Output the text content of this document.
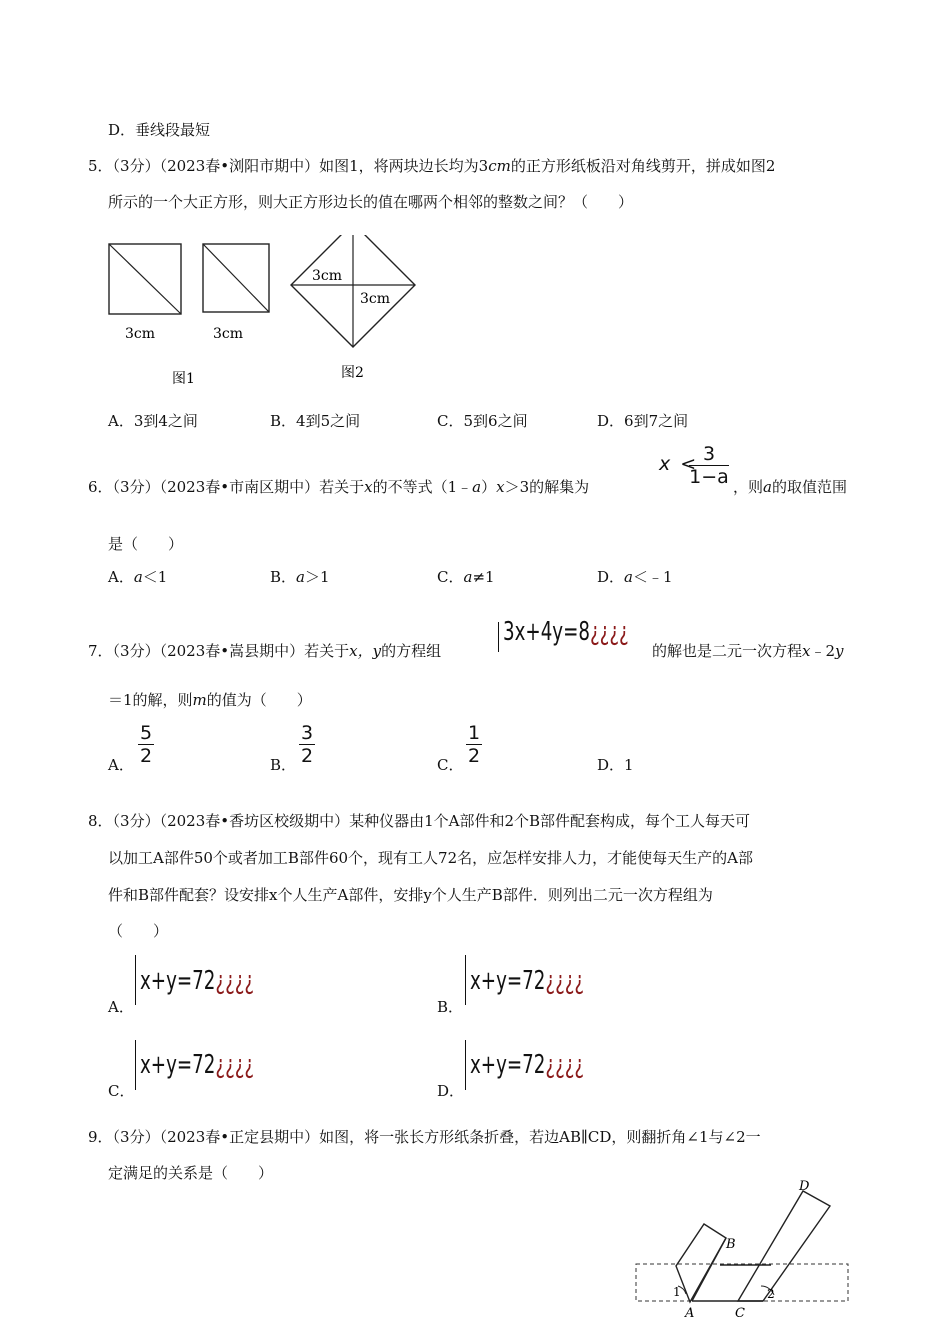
D．垂线段最短
5．（3分）（2023春•浏阳市期中）如图1，将两块边长均为3cm的正方形纸板沿对角线剪开，拼成如图2
所示的一个大正方形，则大正方形边长的值在哪两个相邻的整数之间？（　　）
3cm	3cm
3cm
3cm
图1	图2
A．3到4之间	B．4到5之间	C．5到6之间	D．6到7之间
6．（3分）（2023春•市南区期中）若关于x的不等式（1﹣a）x＞3的解集为
x < 3
1−a ，则a的取值范围
是（　　）
A．a＜1	B．a＞1	C．a≠1	D．a＜﹣1
7．（3分）（2023春•嵩县期中）若关于x，y的方程组
3x+4y=8¿¿¿¿
的解也是二元一次方程x﹣2y
＝1的解，则m的值为（　　）
A．
5
2	B．
3
2	C．
1
2	D．1
8．（3分）（2023春•香坊区校级期中）某种仪器由1个A部件和2个B部件配套构成，每个工人每天可
以加工A部件50个或者加工B部件60个，现有工人72名，应怎样安排人力，才能使每天生产的A部
件和B部件配套？设安排x个人生产A部件，安排y个人生产B部件．则列出二元一次方程组为
（　　）
A．
x+y=72¿¿¿¿
B．
x+y=72¿¿¿¿
C．
x+y=72¿¿¿¿
D．
x+y=72¿¿¿¿
9．（3分）（2023春•正定县期中）如图，将一张长方形纸条折叠，若边AB∥CD，则翻折角∠1与∠2一
定满足的关系是（　　）
A
B
C
D
1	2
